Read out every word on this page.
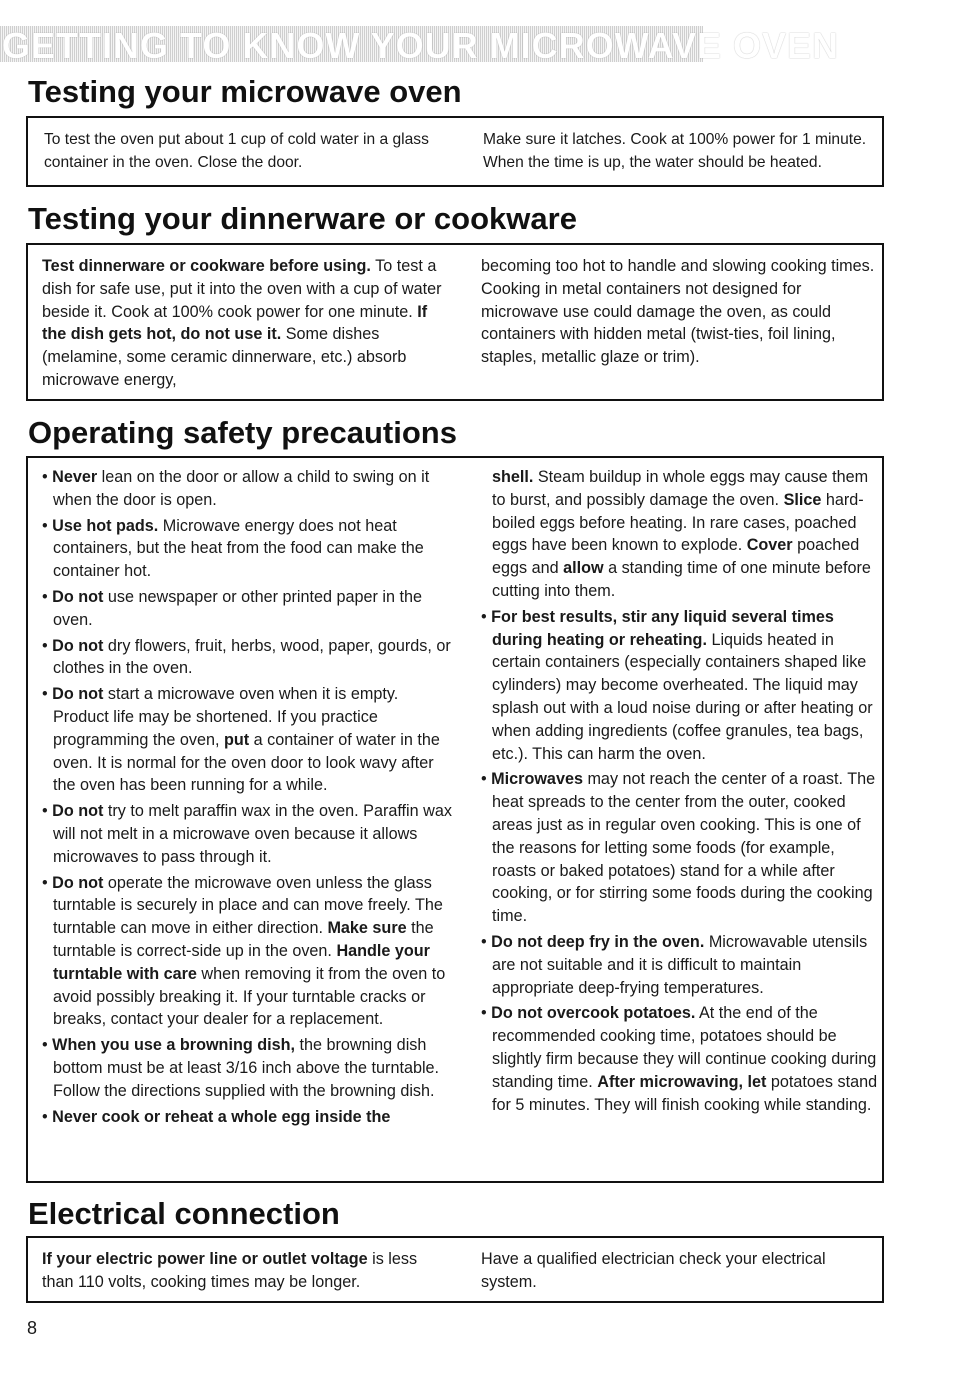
GETTING TO KNOW YOUR MICROWAVE OVEN
Testing your microwave oven

To test the oven put about 1 cup of cold water in a glass container in the oven. Close the door.

Make sure it latches. Cook at 100% power for 1 minute. When the time is up, the water should be heated.

Testing your dinnerware or cookware

Test dinnerware or cookware before using. To test a dish for safe use, put it into the oven with a cup of water beside it. Cook at 100% cook power for one minute. If the dish gets hot, do not use it. Some dishes (melamine, some ceramic dinnerware, etc.) absorb microwave energy,

becoming too hot to handle and slowing cooking times. Cooking in metal containers not designed for microwave use could damage the oven, as could containers with hidden metal (twist-ties, foil lining, staples, metallic glaze or trim).

Operating safety precautions
• Never lean on the door or allow a child to swing on it when the door is open.
• Use hot pads. Microwave energy does not heat containers, but the heat from the food can make the container hot.
• Do not use newspaper or other printed paper in the oven.
• Do not dry flowers, fruit, herbs, wood, paper, gourds, or clothes in the oven.
• Do not start a microwave oven when it is empty. Product life may be shortened. If you practice programming the oven, put a container of water in the oven. It is normal for the oven door to look wavy after the oven has been running for a while.
• Do not try to melt paraffin wax in the oven. Paraffin wax will not melt in a microwave oven because it allows microwaves to pass through it.
• Do not operate the microwave oven unless the glass turntable is securely in place and can move freely. The turntable can move in either direction. Make sure the turntable is correct-side up in the oven. Handle your turntable with care when removing it from the oven to avoid possibly breaking it. If your turntable cracks or breaks, contact your dealer for a replacement.
• When you use a browning dish, the browning dish bottom must be at least 3/16 inch above the turntable. Follow the directions supplied with the browning dish.
• Never cook or reheat a whole egg inside the

shell. Steam buildup in whole eggs may cause them to burst, and possibly damage the oven. Slice hard-boiled eggs before heating. In rare cases, poached eggs have been known to explode. Cover poached eggs and allow a standing time of one minute before cutting into them.

• For best results, stir any liquid several times during heating or reheating. Liquids heated in certain containers (especially containers shaped like cylinders) may become overheated. The liquid may splash out with a loud noise during or after heating or when adding ingredients (coffee granules, tea bags, etc.). This can harm the oven.
• Microwaves may not reach the center of a roast. The heat spreads to the center from the outer, cooked areas just as in regular oven cooking. This is one of the reasons for letting some foods (for example, roasts or baked potatoes) stand for a while after cooking, or for stirring some foods during the cooking time.
• Do not deep fry in the oven. Microwavable utensils are not suitable and it is difficult to maintain appropriate deep-frying temperatures.
• Do not overcook potatoes. At the end of the recommended cooking time, potatoes should be slightly firm because they will continue cooking during standing time. After microwaving, let potatoes stand for 5 minutes. They will finish cooking while standing.
Electrical connection

If your electric power line or outlet voltage is less than 110 volts, cooking times may be longer.

Have a qualified electrician check your electrical system.

8
